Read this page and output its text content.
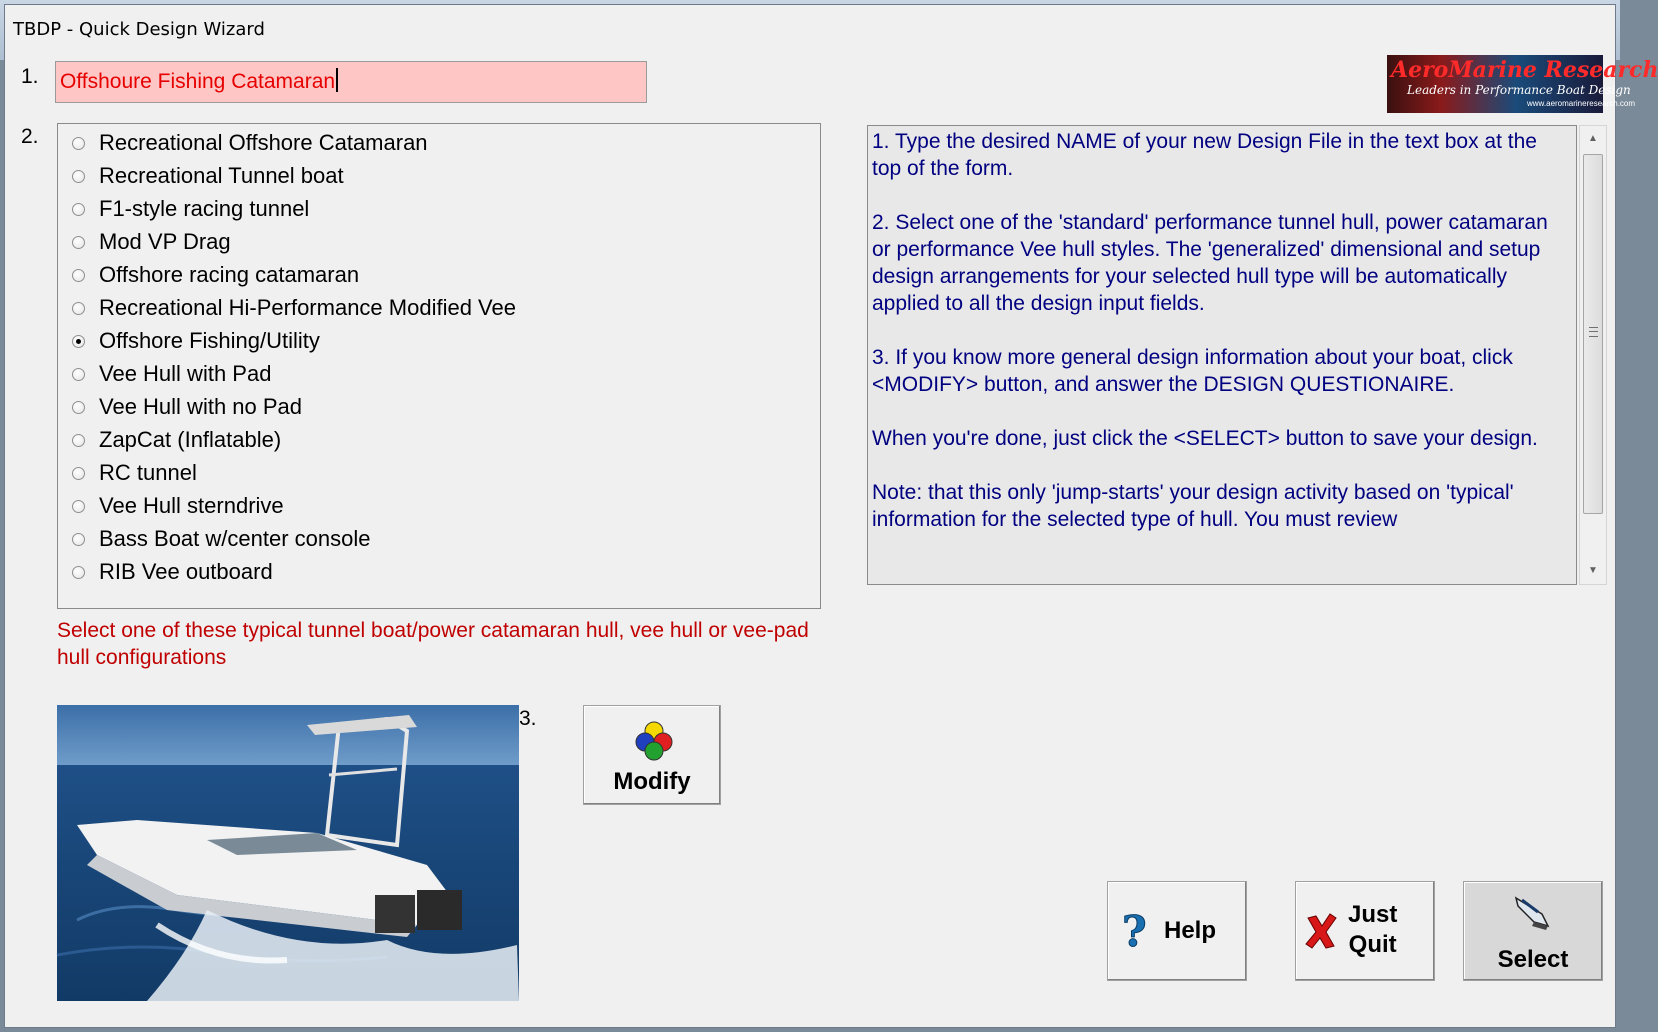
TBDP - Quick Design Wizard
1. Offshoure Fishing Catamaran	AeroMarine Research
Leaders in Performance Boat Design
www.aeromarineresearch.com
2.	Recreational Offshore Catamaran
Recreational Tunnel boat
F1-style racing tunnel
Mod VP Drag
Offshore racing catamaran
Recreational Hi-Performance Modified Vee
Offshore Fishing/Utility
Vee Hull with Pad
Vee Hull with no Pad
ZapCat (Inflatable)
RC tunnel
Vee Hull sterndrive
Bass Boat w/center console
RIB Vee outboard
Select one of these typical tunnel boat/power catamaran hull, vee hull or vee-pad hull configurations
3.
Modify

1. Type the desired NAME of your new Design File in the text box at the top of the form.

2. Select one of the 'standard' performance tunnel hull, power catamaran or performance Vee hull styles. The 'generalized' dimensional and setup design arrangements for your selected hull type will be automatically applied to all the design input fields.

3. If you know more general design information about your boat, click <MODIFY> button, and answer the DESIGN QUESTIONAIRE.

When you're done, just click the <SELECT> button to save your design.

Note: that this only 'jump-starts' your design activity based on 'typical' information for the selected type of hull. You must review

▲
▼
? Help
Just
Quit
Select
